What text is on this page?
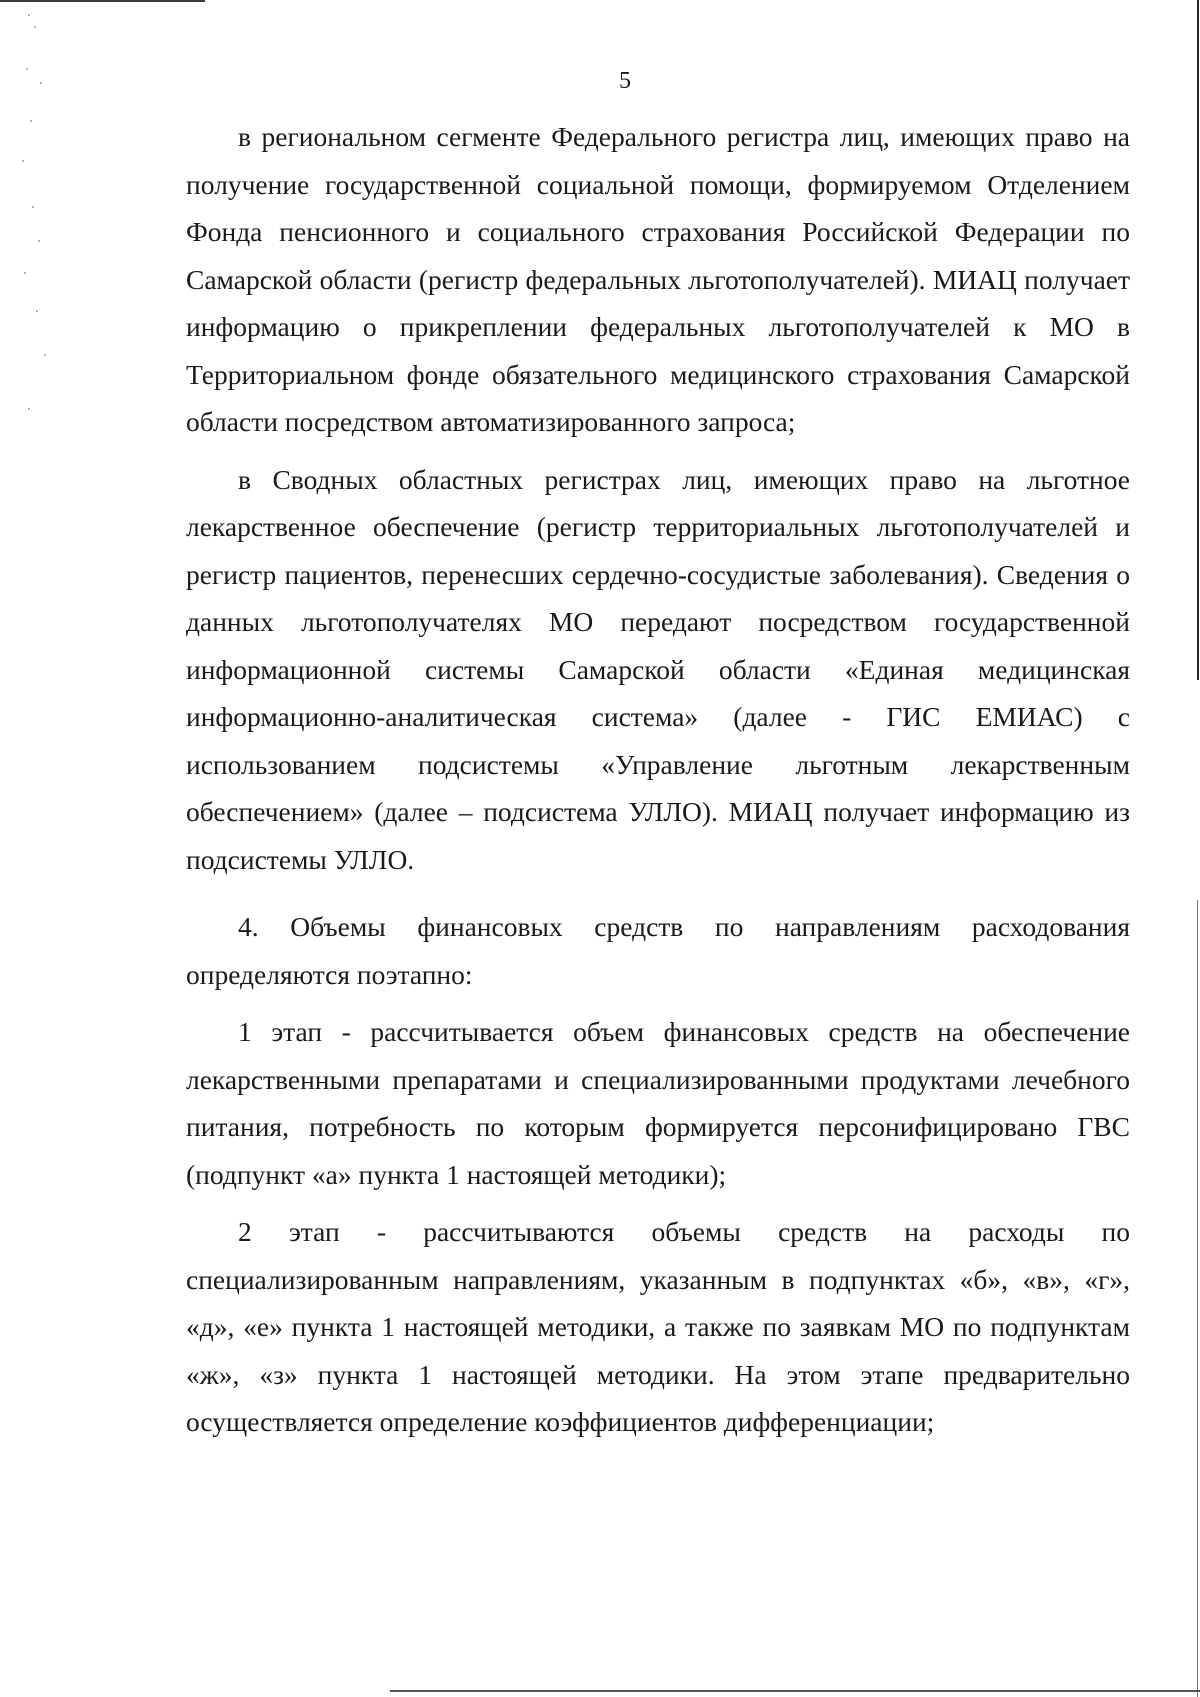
5

в региональном сегменте Федерального регистра лиц, имеющих право на получение государственной социальной помощи, формируемом Отделением Фонда пенсионного и социального страхования Российской Федерации по Самарской области (регистр федеральных льготополучателей). МИАЦ получает информацию о прикреплении федеральных льготополучателей к МО в Территориальном фонде обязательного медицинского страхования Самарской области посредством автоматизированного запроса;

в Сводных областных регистрах лиц, имеющих право на льготное лекарственное обеспечение (регистр территориальных льготополучателей и регистр пациентов, перенесших сердечно-сосудистые заболевания). Сведения о данных льготополучателях МО передают посредством государственной информационной системы Самарской области «Единая медицинская информационно-аналитическая система» (далее - ГИС ЕМИАС) с использованием подсистемы «Управление льготным лекарственным обеспечением» (далее – подсистема УЛЛО). МИАЦ получает информацию из подсистемы УЛЛО.

4. Объемы финансовых средств по направлениям расходования определяются поэтапно:

1 этап - рассчитывается объем финансовых средств на обеспечение лекарственными препаратами и специализированными продуктами лечебного питания, потребность по которым формируется персонифицировано ГВС (подпункт «а» пункта 1 настоящей методики);

2 этап - рассчитываются объемы средств на расходы по специализированным направлениям, указанным в подпунктах «б», «в», «г», «д», «е» пункта 1 настоящей методики, а также по заявкам МО по подпунктам «ж», «з» пункта 1 настоящей методики. На этом этапе предварительно осуществляется определение коэффициентов дифференциации;
